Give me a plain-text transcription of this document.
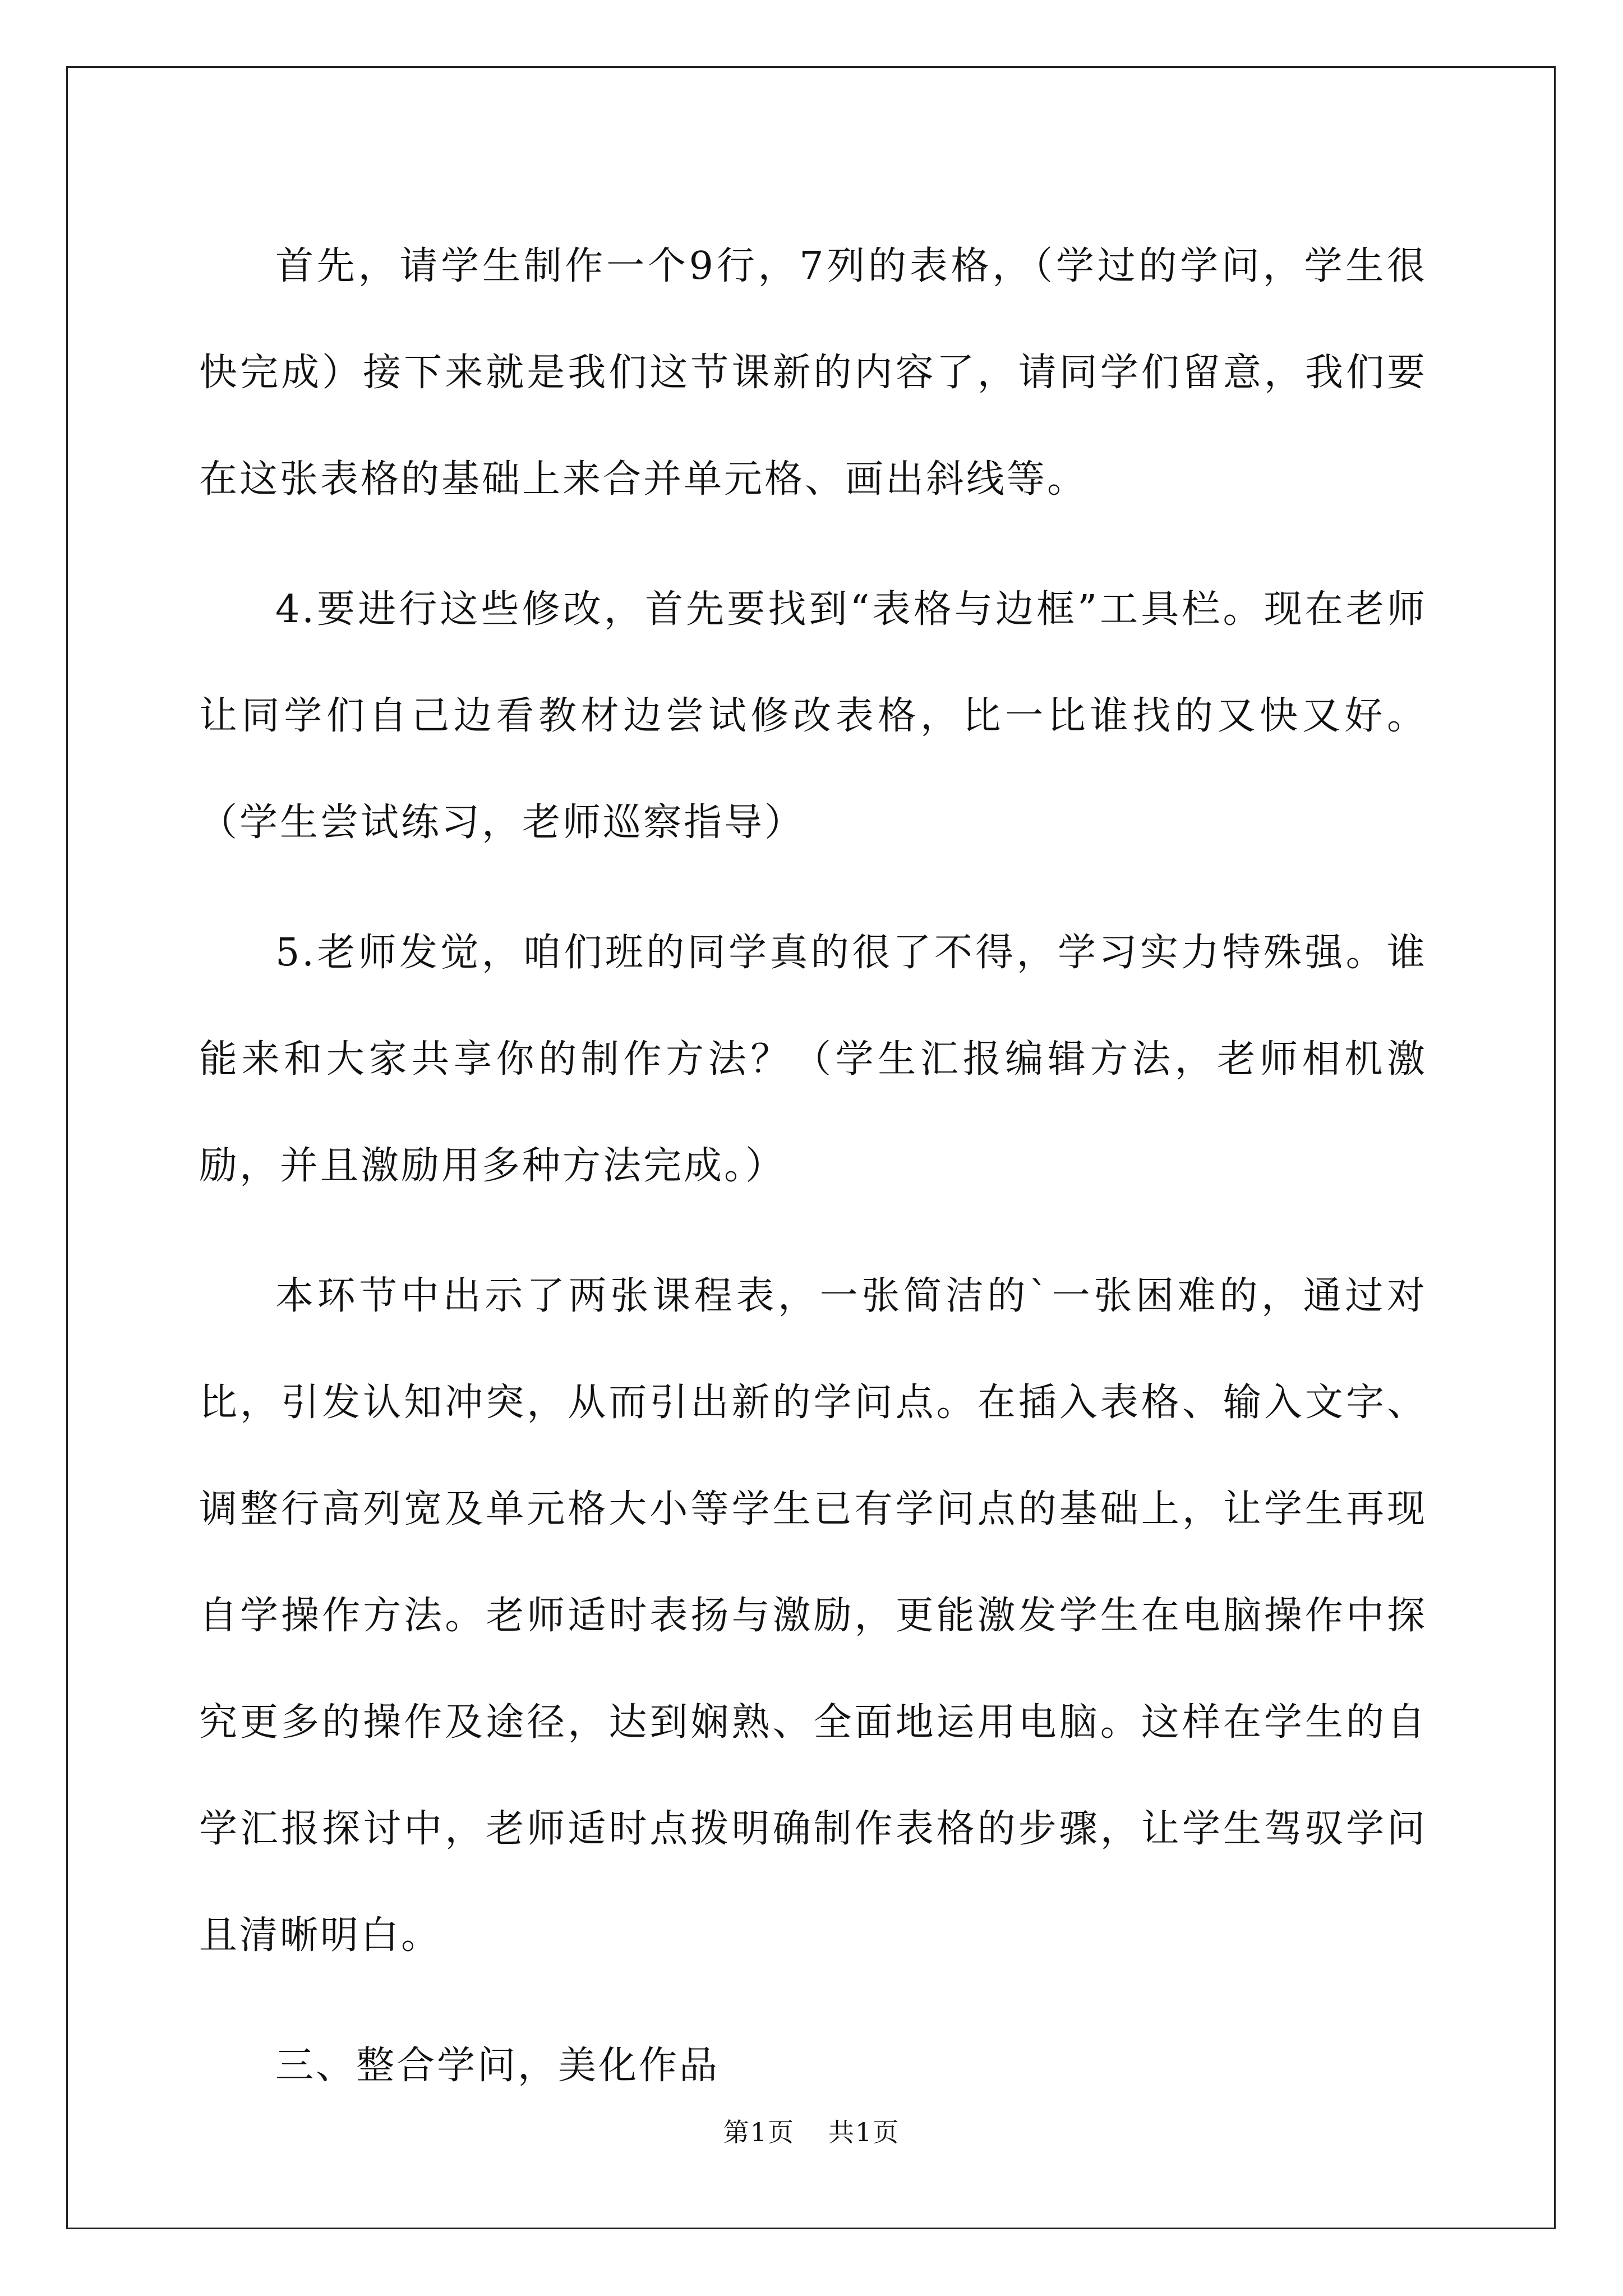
首先，请学生制作一个9行，7列的表格，（学过的学问，学生很快完成）接下来就是我们这节课新的内容了，请同学们留意，我们要在这张表格的基础上来合并单元格、画出斜线等。

4.要进行这些修改，首先要找到“表格与边框”工具栏。现在老师让同学们自己边看教材边尝试修改表格，比一比谁找的又快又好。（学生尝试练习，老师巡察指导）

5.老师发觉，咱们班的同学真的很了不得，学习实力特殊强。谁能来和大家共享你的制作方法？（学生汇报编辑方法，老师相机激励，并且激励用多种方法完成。）

本环节中出示了两张课程表，一张简洁的`一张困难的，通过对比，引发认知冲突，从而引出新的学问点。在插入表格、输入文字、调整行高列宽及单元格大小等学生已有学问点的基础上，让学生再现自学操作方法。老师适时表扬与激励，更能激发学生在电脑操作中探究更多的操作及途径，达到娴熟、全面地运用电脑。这样在学生的自学汇报探讨中，老师适时点拨明确制作表格的步骤，让学生驾驭学问且清晰明白。

三、整合学问，美化作品

第1页 共1页
